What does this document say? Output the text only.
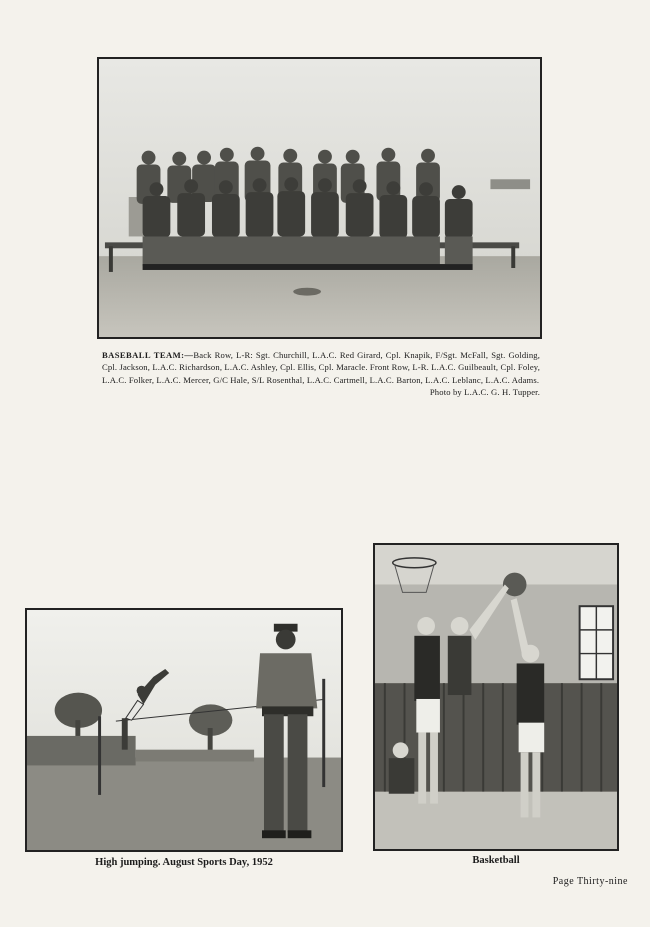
BASEBALL TEAM:—Back Row, L-R: Sgt. Churchill, L.A.C. Red Girard, Cpl. Knapik, F/Sgt. McFall, Sgt. Golding, Cpl. Jackson, L.A.C. Richardson, L.A.C. Ashley, Cpl. Ellis, Cpl. Maracle. Front Row, L-R. L.A.C. Guilbeault, Cpl. Foley, L.A.C. Folker, L.A.C. Mercer, G/C Hale, S/L Rosenthal, L.A.C. Cartmell, L.A.C. Barton, L.A.C. Leblanc, L.A.C. Adams.
Photo by L.A.C. G. H. Tupper.
High jumping. August Sports Day, 1952	Basketball
Page Thirty-nine
